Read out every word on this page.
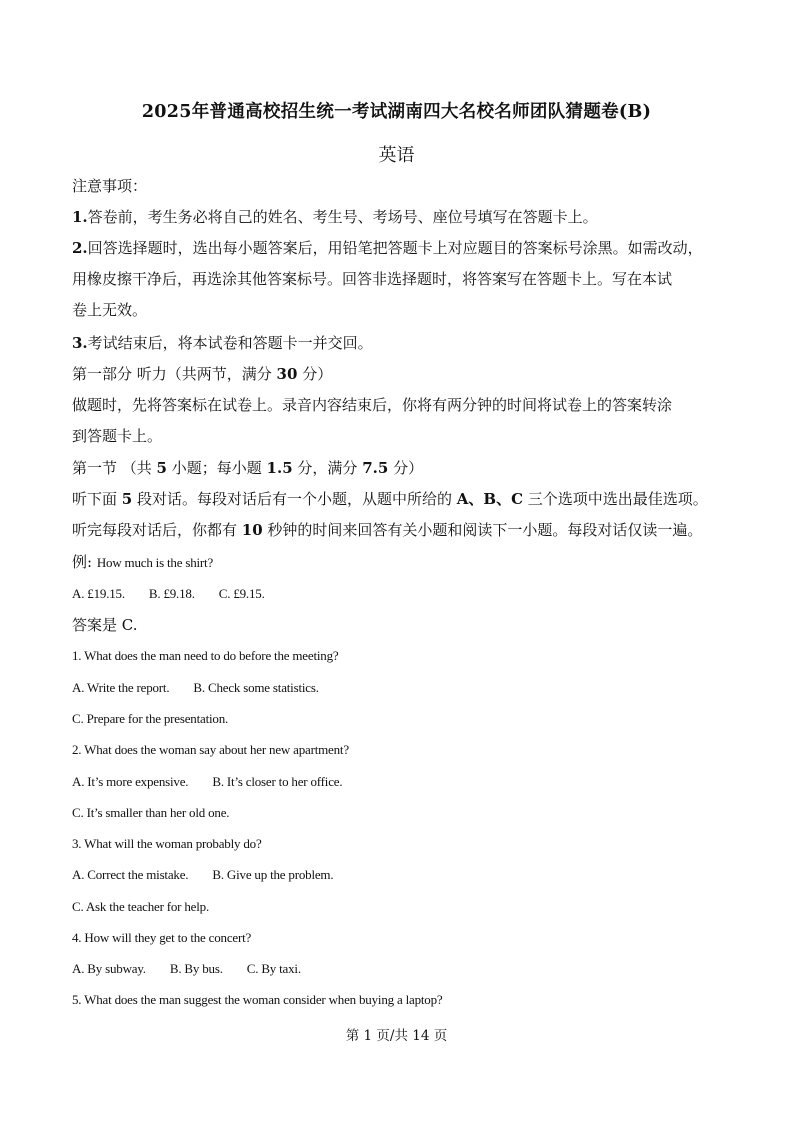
2025年普通高校招生统一考试湖南四大名校名师团队猜题卷(B)
英语
注意事项：
1.答卷前，考生务必将自己的姓名、考生号、考场号、座位号填写在答题卡上。
2.回答选择题时，选出每小题答案后，用铅笔把答题卡上对应题目的答案标号涂黑。如需改动，
用橡皮擦干净后，再选涂其他答案标号。回答非选择题时，将答案写在答题卡上。写在本试
卷上无效。
3.考试结束后，将本试卷和答题卡一并交回。
第一部分 听力（共两节，满分 30 分）
做题时，先将答案标在试卷上。录音内容结束后，你将有两分钟的时间将试卷上的答案转涂
到答题卡上。
第一节 （共 5 小题；每小题 1.5 分，满分 7.5 分）
听下面 5 段对话。每段对话后有一个小题，从题中所给的 A、B、C 三个选项中选出最佳选项。
听完每段对话后，你都有 10 秒钟的时间来回答有关小题和阅读下一小题。每段对话仅读一遍。
例: How much is the shirt?
A. £19.15. B. £9.18. C. £9.15.
答案是 C.
1. What does the man need to do before the meeting?
A. Write the report. B. Check some statistics.
C. Prepare for the presentation.
2. What does the woman say about her new apartment?
A. It’s more expensive. B. It’s closer to her office.
C. It’s smaller than her old one.
3. What will the woman probably do?
A. Correct the mistake. B. Give up the problem.
C. Ask the teacher for help.
4. How will they get to the concert?
A. By subway. B. By bus. C. By taxi.
5. What does the man suggest the woman consider when buying a laptop?
第 1 页/共 14 页
